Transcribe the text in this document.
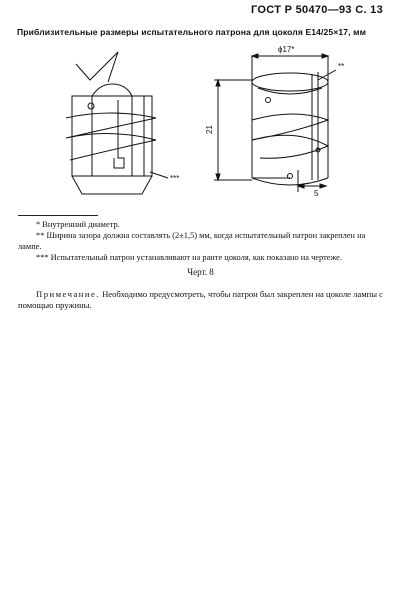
ГОСТ Р 50470—93 С. 13
Приблизительные размеры испытательного патрона для цоколя Е14/25×17, мм
***
ϕ17*
21
5
**

* Внутренний диаметр.

** Ширина зазора должна составлять (2±1,5) мм, когда испытательный патрон закреплен на лампе.

*** Испытательный патрон устанавливают на ранте цоколя, как показано на чертеже.

Черт. 8
Примечание. Необходимо предусмотреть, чтобы патрон был закреплен на цоколе лампы с помощью пружины.
